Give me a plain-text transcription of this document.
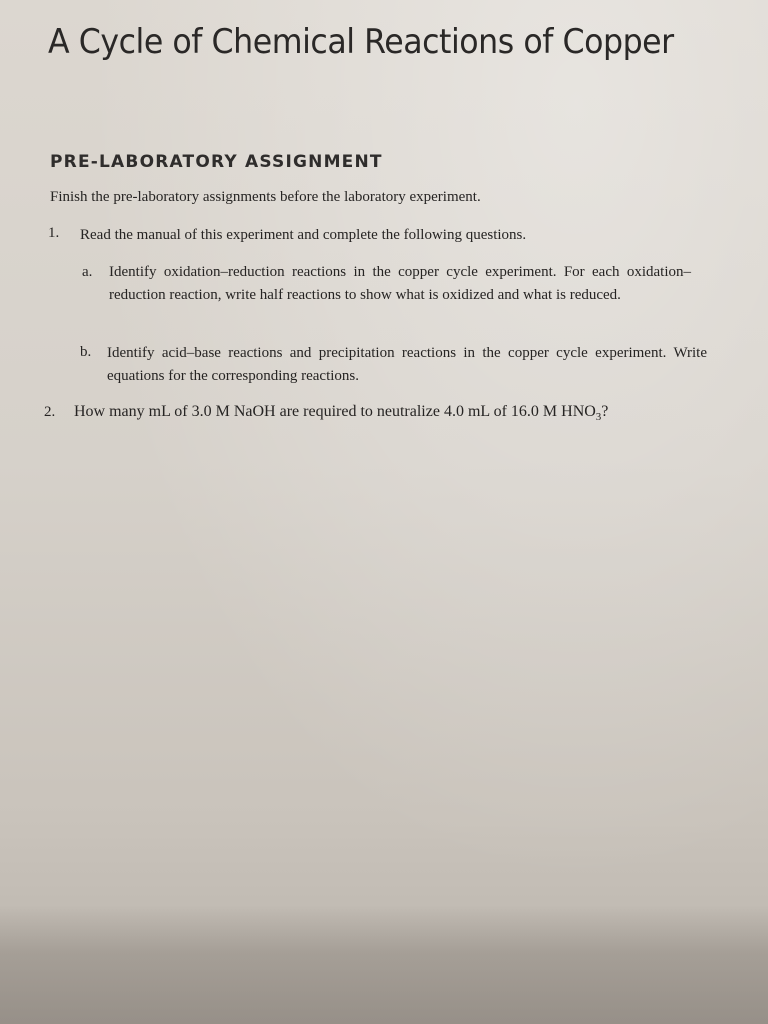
A Cycle of Chemical Reactions of Copper
PRE-LABORATORY ASSIGNMENT

Finish the pre-laboratory assignments before the laboratory experiment.

1. Read the manual of this experiment and complete the following questions.

a. Identify oxidation–reduction reactions in the copper cycle experiment. For each oxidation–reduction reaction, write half reactions to show what is oxidized and what is reduced.

b. Identify acid–base reactions and precipitation reactions in the copper cycle experiment. Write equations for the corresponding reactions.

2. How many mL of 3.0 M NaOH are required to neutralize 4.0 mL of 16.0 M $HNO_3$?
